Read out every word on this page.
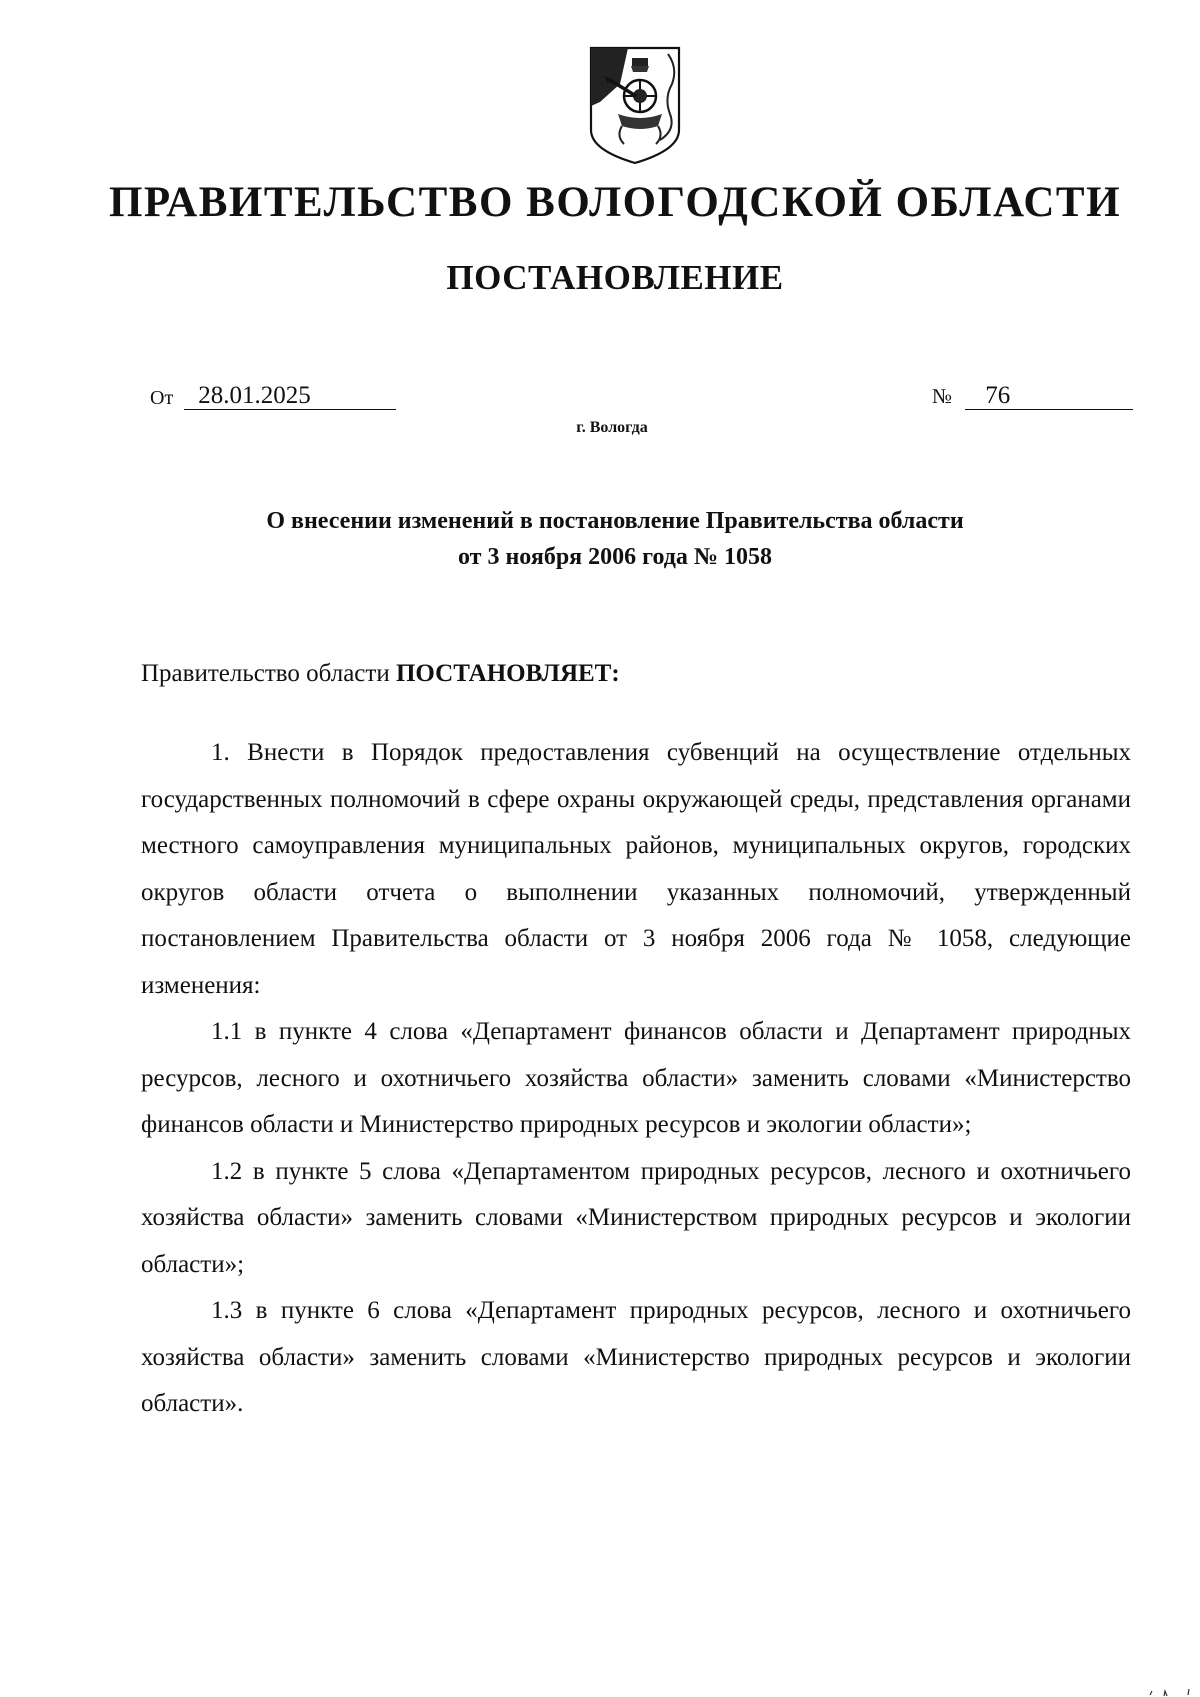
ПРАВИТЕЛЬСТВО ВОЛОГОДСКОЙ ОБЛАСТИ
ПОСТАНОВЛЕНИЕ
От 28.01.2025	№ 76
г. Вологда
О внесении изменений в постановление Правительства области
от 3 ноября 2006 года № 1058
Правительство области ПОСТАНОВЛЯЕТ:

1. Внести в Порядок предоставления субвенций на осуществление отдельных государственных полномочий в сфере охраны окружающей среды, представления органами местного самоуправления муниципальных районов, муниципальных округов, городских округов области отчета о выполнении указанных полномочий, утвержденный постановлением Правительства области от 3 ноября 2006 года № 1058, следующие изменения:

1.1 в пункте 4 слова «Департамент финансов области и Департамент природных ресурсов, лесного и охотничьего хозяйства области» заменить словами «Министерство финансов области и Министерство природных ресурсов и экологии области»;

1.2 в пункте 5 слова «Департаментом природных ресурсов, лесного и охотничьего хозяйства области» заменить словами «Министерством природных ресурсов и экологии области»;

1.3 в пункте 6 слова «Департамент природных ресурсов, лесного и охотничьего хозяйства области» заменить словами «Министерство природных ресурсов и экологии области».
